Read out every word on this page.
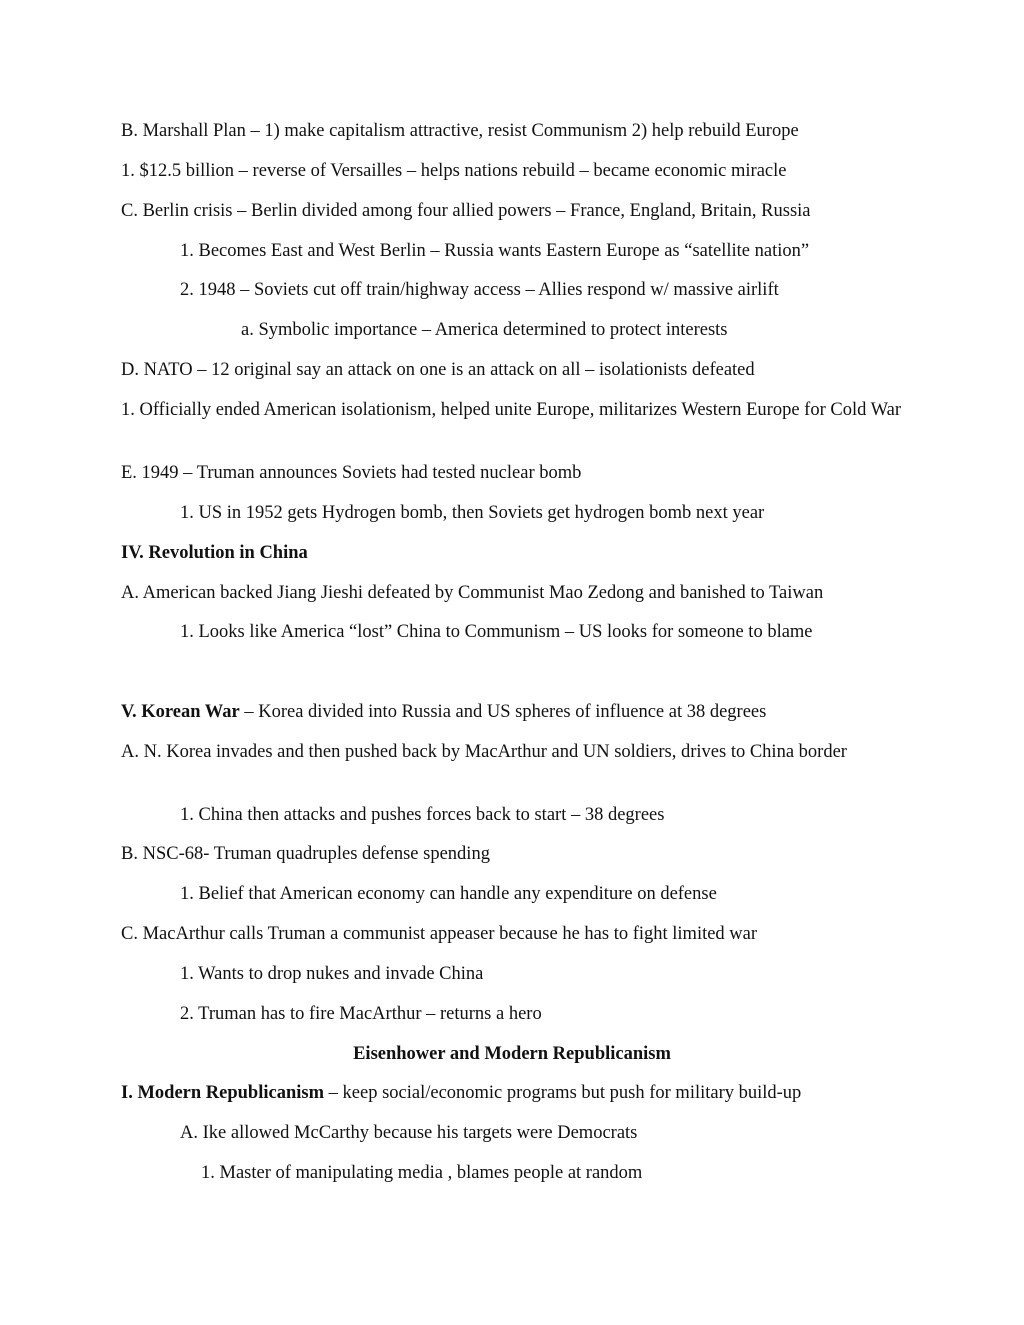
B. Marshall Plan – 1) make capitalism attractive, resist Communism 2) help rebuild Europe
1. $12.5 billion – reverse of Versailles – helps nations rebuild – became economic miracle
C. Berlin crisis – Berlin divided among four allied powers – France, England, Britain, Russia
1. Becomes East and West Berlin – Russia wants Eastern Europe as “satellite nation”
2. 1948 – Soviets cut off train/highway access – Allies respond w/ massive airlift
a. Symbolic importance – America determined to protect interests
D. NATO – 12 original say an attack on one is an attack on all – isolationists defeated
1. Officially ended American isolationism, helped unite Europe, militarizes Western Europe for Cold War
E. 1949 – Truman announces Soviets had tested nuclear bomb
1. US in 1952 gets Hydrogen bomb, then Soviets get hydrogen bomb next year
IV. Revolution in China
A. American backed Jiang Jieshi defeated by Communist Mao Zedong and banished to Taiwan
1. Looks like America “lost” China to Communism – US looks for someone to blame
V. Korean War – Korea divided into Russia and US spheres of influence at 38 degrees
A. N. Korea invades and then pushed back by MacArthur and UN soldiers, drives to China border
1. China then attacks and pushes forces back to start – 38 degrees
B. NSC-68- Truman quadruples defense spending
1. Belief that American economy can handle any expenditure on defense
C. MacArthur calls Truman a communist appeaser because he has to fight limited war
1. Wants to drop nukes and invade China
2. Truman has to fire MacArthur – returns a hero
Eisenhower and Modern Republicanism
I. Modern Republicanism – keep social/economic programs but push for military build-up
A. Ike allowed McCarthy because his targets were Democrats
1. Master of manipulating media , blames people at random
